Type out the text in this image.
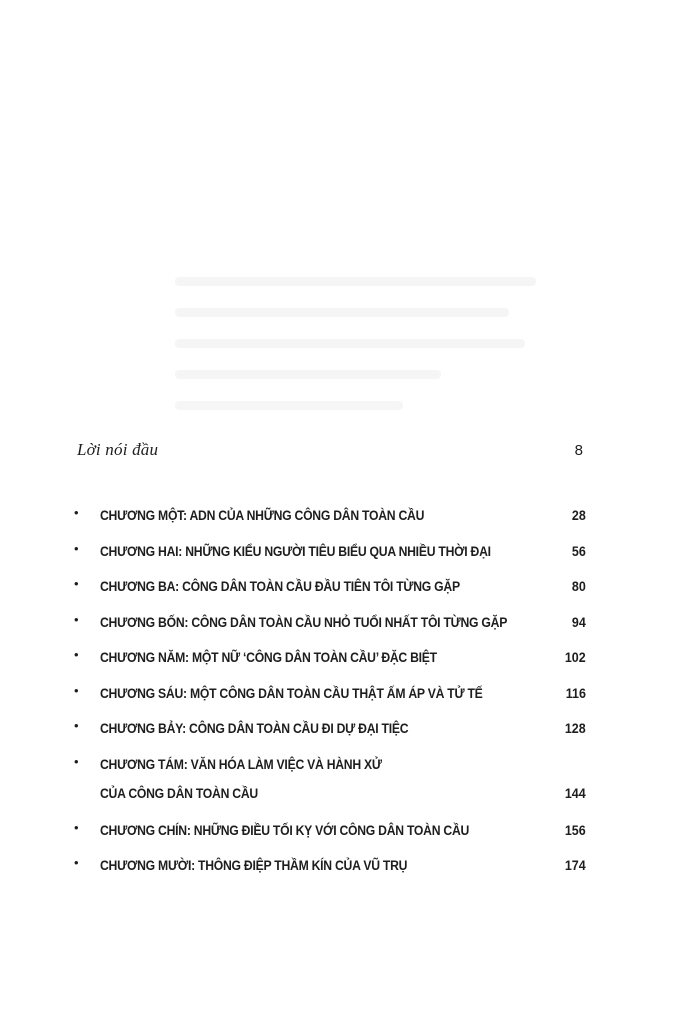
Lời nói đầu	8
• CHƯƠNG MỘT: ADN CỦA NHỮNG CÔNG DÂN TOÀN CẦU	28
• CHƯƠNG HAI: NHỮNG KIỂU NGƯỜI TIÊU BIỂU QUA NHIỀU THỜI ĐẠI	56
• CHƯƠNG BA: CÔNG DÂN TOÀN CẦU ĐẦU TIÊN TÔI TỪNG GẶP	80
• CHƯƠNG BỐN: CÔNG DÂN TOÀN CẦU NHỎ TUỔI NHẤT TÔI TỪNG GẶP	94
• CHƯƠNG NĂM: MỘT NỮ ‘CÔNG DÂN TOÀN CẦU’ ĐẶC BIỆT	102
• CHƯƠNG SÁU: MỘT CÔNG DÂN TOÀN CẦU THẬT ẤM ÁP VÀ TỬ TẾ	116
• CHƯƠNG BẢY: CÔNG DÂN TOÀN CẦU ĐI DỰ ĐẠI TIỆC	128
• CHƯƠNG TÁM: VĂN HÓA LÀM VIỆC VÀ HÀNH XỬ
CỦA CÔNG DÂN TOÀN CẦU	144
• CHƯƠNG CHÍN: NHỮNG ĐIỀU TỐI KỴ VỚI CÔNG DÂN TOÀN CẦU	156
• CHƯƠNG MƯỜI: THÔNG ĐIỆP THẦM KÍN CỦA VŨ TRỤ	174
